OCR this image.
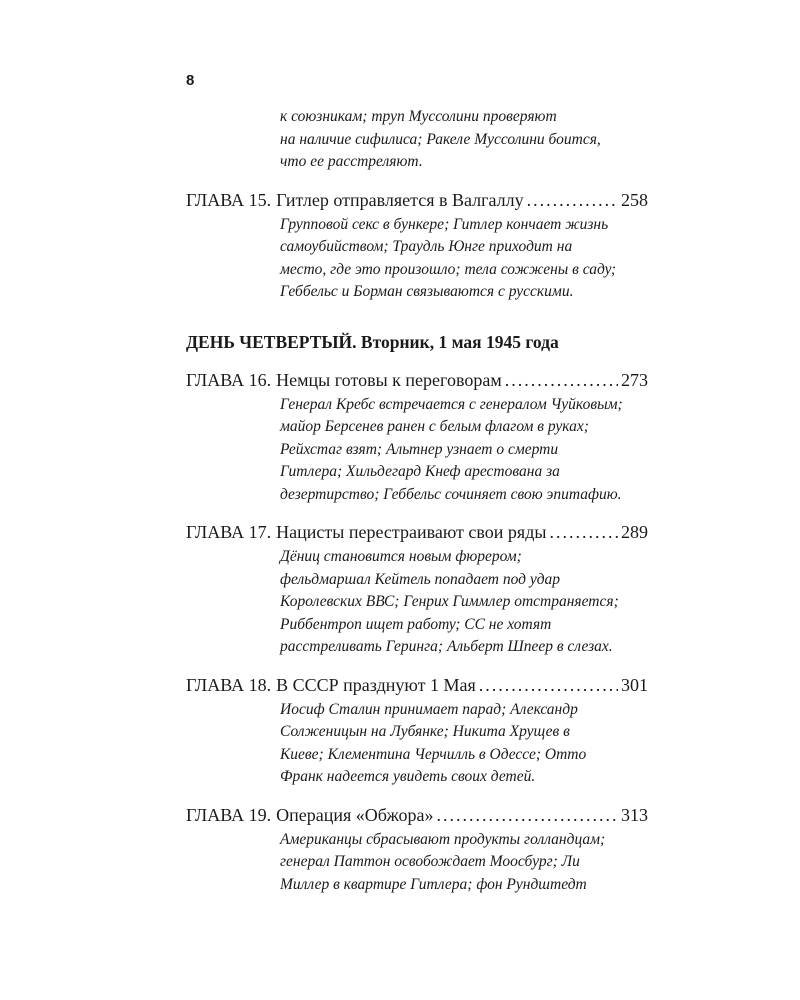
8
к союзникам; труп Муссолини проверяют
на наличие сифилиса; Ракеле Муссолини боится,
что ее расстреляют.
ГЛАВА 15. Гитлер отправляется в Валгаллу .....	258
Групповой секс в бункере; Гитлер кончает жизнь
самоубийством; Траудль Юнге приходит на
место, где это произошло; тела сожжены в саду;
Геббельс и Борман связываются с русскими.
ДЕНЬ ЧЕТВЕРТЫЙ. Вторник, 1 мая 1945 года
ГЛАВА 16. Немцы готовы к переговорам .....	273
Генерал Кребс встречается с генералом Чуйковым;
майор Берсенев ранен с белым флагом в руках;
Рейхстаг взят; Альтнер узнает о смерти
Гитлера; Хильдегард Кнеф арестована за
дезертирство; Геббельс сочиняет свою эпитафию.
ГЛАВА 17. Нацисты перестраивают свои ряды .....	289
Дёниц становится новым фюрером;
фельдмаршал Кейтель попадает под удар
Королевских ВВС; Генрих Гиммлер отстраняется;
Риббентроп ищет работу; СС не хотят
расстреливать Геринга; Альберт Шпеер в слезах.
ГЛАВА 18. В СССР празднуют 1 Мая .....	301
Иосиф Сталин принимает парад; Александр
Солженицын на Лубянке; Никита Хрущев в
Киеве; Клементина Черчилль в Одессе; Отто
Франк надеется увидеть своих детей.
ГЛАВА 19. Операция «Обжора» .....	313
Американцы сбрасывают продукты голландцам;
генерал Паттон освобождает Моосбург; Ли
Миллер в квартире Гитлера; фон Рундштедт
